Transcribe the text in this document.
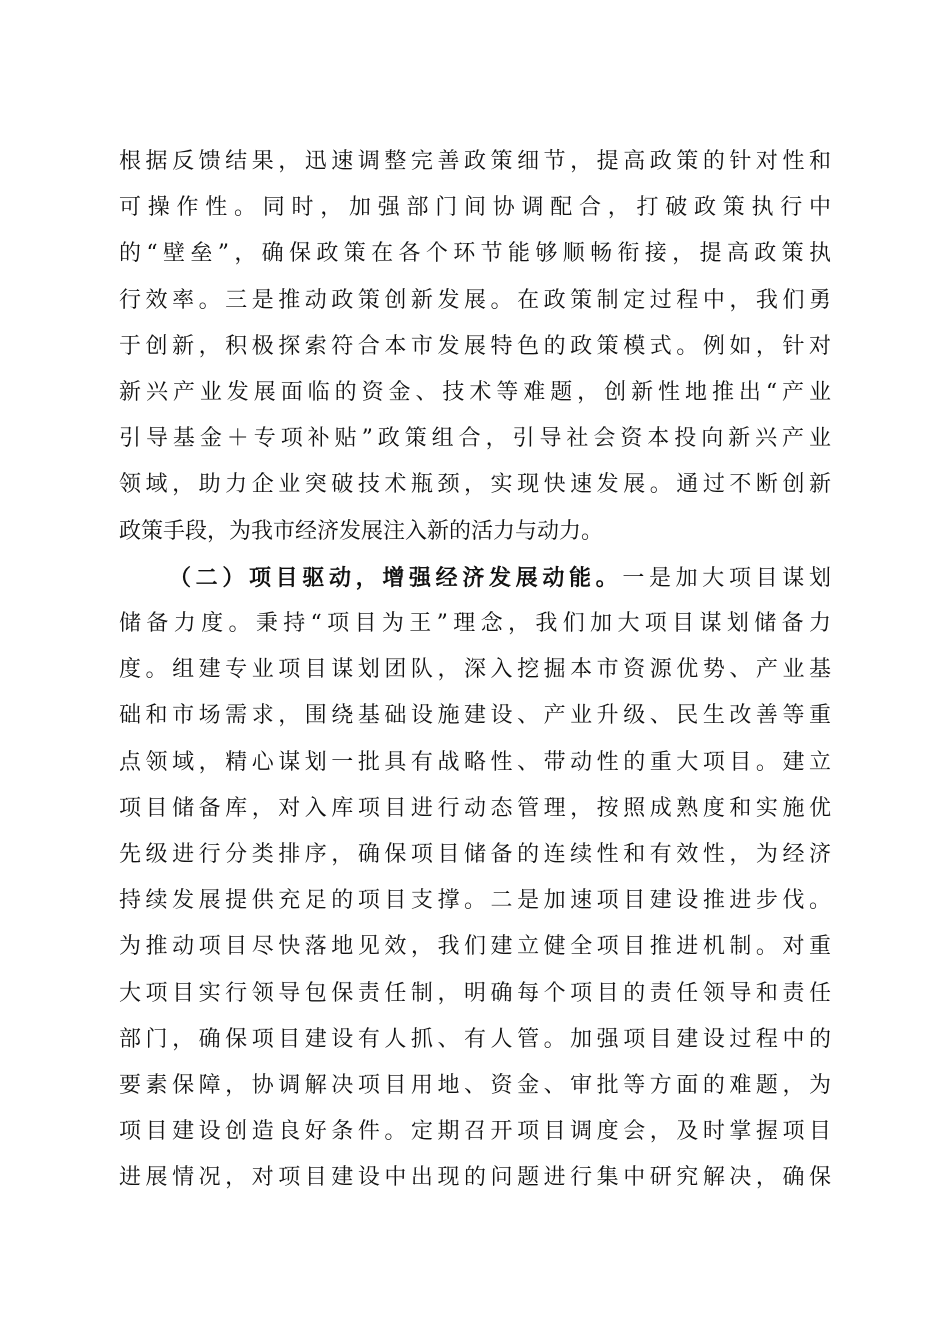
根据反馈结果，迅速调整完善政策细节，提高政策的针对性和
可操作性。同时，加强部门间协调配合，打破政策执行中
的“壁垒”，确保政策在各个环节能够顺畅衔接，提高政策执
行效率。三是推动政策创新发展。在政策制定过程中，我们勇
于创新，积极探索符合本市发展特色的政策模式。例如，针对
新兴产业发展面临的资金、技术等难题，创新性地推出“产业
引导基金＋专项补贴”政策组合，引导社会资本投向新兴产业
领域，助力企业突破技术瓶颈，实现快速发展。通过不断创新
政策手段，为我市经济发展注入新的活力与动力。
（二）项目驱动，增强经济发展动能。一是加大项目谋划
储备力度。秉持“项目为王”理念，我们加大项目谋划储备力
度。组建专业项目谋划团队，深入挖掘本市资源优势、产业基
础和市场需求，围绕基础设施建设、产业升级、民生改善等重
点领域，精心谋划一批具有战略性、带动性的重大项目。建立
项目储备库，对入库项目进行动态管理，按照成熟度和实施优
先级进行分类排序，确保项目储备的连续性和有效性，为经济
持续发展提供充足的项目支撑。二是加速项目建设推进步伐。
为推动项目尽快落地见效，我们建立健全项目推进机制。对重
大项目实行领导包保责任制，明确每个项目的责任领导和责任
部门，确保项目建设有人抓、有人管。加强项目建设过程中的
要素保障，协调解决项目用地、资金、审批等方面的难题，为
项目建设创造良好条件。定期召开项目调度会，及时掌握项目
进展情况，对项目建设中出现的问题进行集中研究解决，确保
